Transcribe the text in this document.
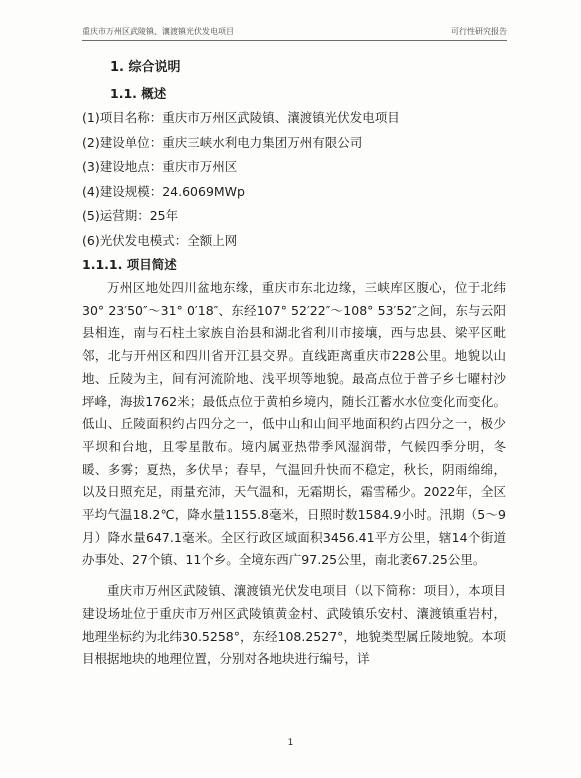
重庆市万州区武陵镇、瀼渡镇光伏发电项目	可行性研究报告
1. 综合说明
1.1. 概述
(1)项目名称：重庆市万州区武陵镇、瀼渡镇光伏发电项目
(2)建设单位：重庆三峡水利电力集团万州有限公司
(3)建设地点：重庆市万州区
(4)建设规模：24.6069MWp
(5)运营期：25年
(6)光伏发电模式：全额上网
1.1.1. 项目简述

万州区地处四川盆地东缘，重庆市东北边缘，三峡库区腹心，位于北纬30° 23′50″～31° 0′18″、东经107° 52′22″～108° 53′52″之间，东与云阳县相连，南与石柱土家族自治县和湖北省利川市接壤，西与忠县、梁平区毗邻，北与开州区和四川省开江县交界。直线距离重庆市228公里。地貌以山地、丘陵为主，间有河流阶地、浅平坝等地貌。最高点位于普子乡七曜村沙坪峰，海拔1762米；最低点位于黄柏乡境内，随长江蓄水水位变化而变化。低山、丘陵面积约占四分之一，低中山和山间平地面积约占四分之一，极少平坝和台地，且零星散布。境内属亚热带季风湿润带，气候四季分明，冬暖、多雾；夏热，多伏旱；春早，气温回升快而不稳定，秋长，阴雨绵绵，以及日照充足，雨量充沛，天气温和，无霜期长，霜雪稀少。2022年，全区平均气温18.2℃，降水量1155.8毫米，日照时数1584.9小时。汛期（5～9月）降水量647.1毫米。全区行政区域面积3456.41平方公里，辖14个街道办事处、27个镇、11个乡。全境东西广97.25公里，南北袤67.25公里。

重庆市万州区武陵镇、瀼渡镇光伏发电项目（以下简称：项目），本项目建设场址位于重庆市万州区武陵镇黄金村、武陵镇乐安村、瀼渡镇重岩村，地理坐标约为北纬30.5258°，东经108.2527°，地貌类型属丘陵地貌。本项目根据地块的地理位置，分别对各地块进行编号，详

1
